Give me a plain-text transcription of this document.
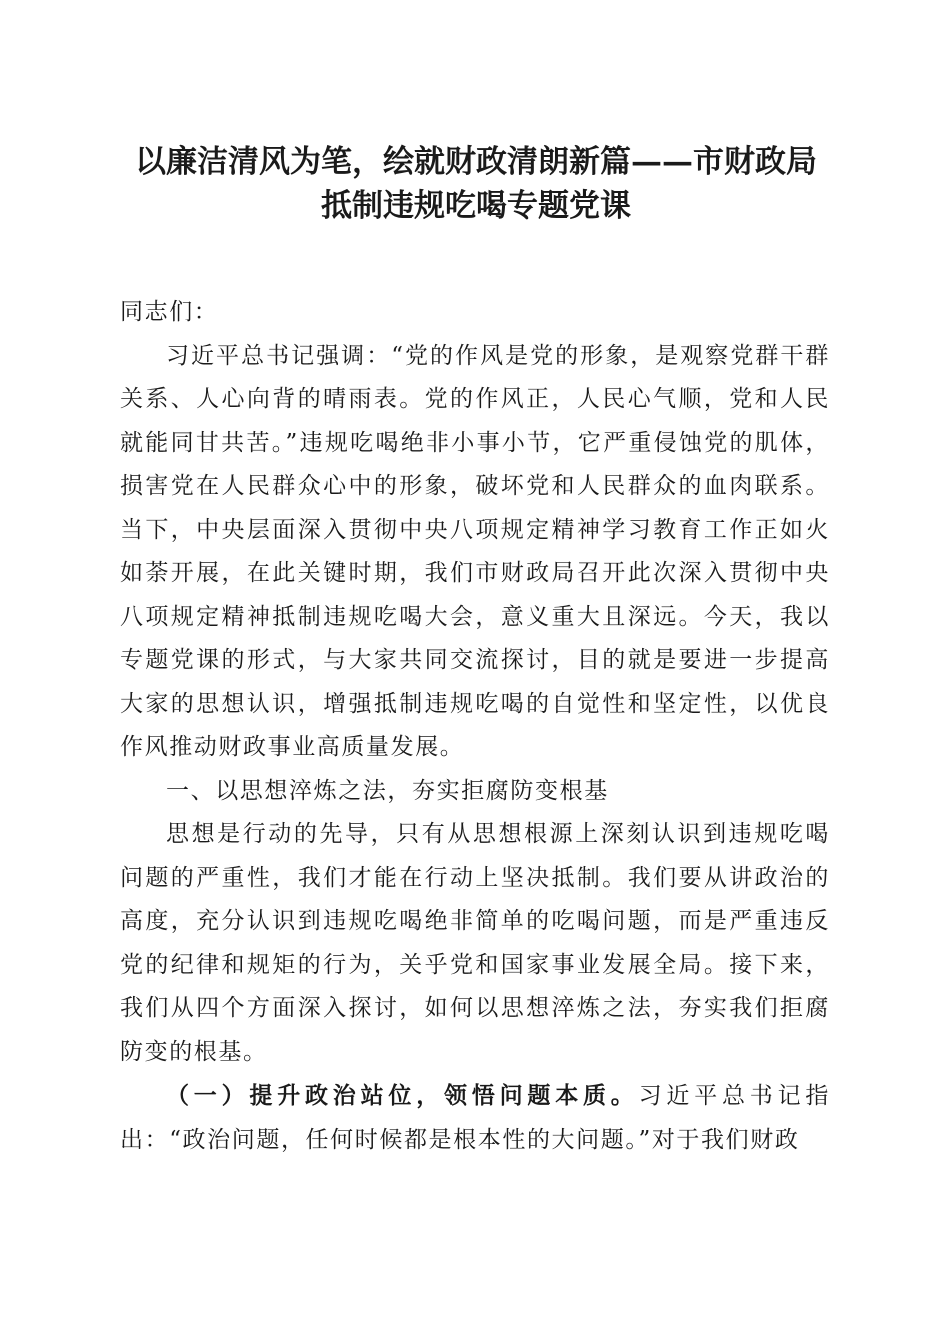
以廉洁清风为笔，绘就财政清朗新篇——市财政局抵制违规吃喝专题党课

同志们：

习近平总书记强调：“党的作风是党的形象，是观察党群干群关系、人心向背的晴雨表。党的作风正，人民心气顺，党和人民就能同甘共苦。”违规吃喝绝非小事小节，它严重侵蚀党的肌体，损害党在人民群众心中的形象，破坏党和人民群众的血肉联系。当下，中央层面深入贯彻中央八项规定精神学习教育工作正如火如荼开展，在此关键时期，我们市财政局召开此次深入贯彻中央八项规定精神抵制违规吃喝大会，意义重大且深远。今天，我以专题党课的形式，与大家共同交流探讨，目的就是要进一步提高大家的思想认识，增强抵制违规吃喝的自觉性和坚定性，以优良作风推动财政事业高质量发展。

一、以思想淬炼之法，夯实拒腐防变根基

思想是行动的先导，只有从思想根源上深刻认识到违规吃喝问题的严重性，我们才能在行动上坚决抵制。我们要从讲政治的高度，充分认识到违规吃喝绝非简单的吃喝问题，而是严重违反党的纪律和规矩的行为，关乎党和国家事业发展全局。接下来，我们从四个方面深入探讨，如何以思想淬炼之法，夯实我们拒腐防变的根基。

（一）提升政治站位，领悟问题本质。习近平总书记指出：“政治问题，任何时候都是根本性的大问题。”对于我们财政
